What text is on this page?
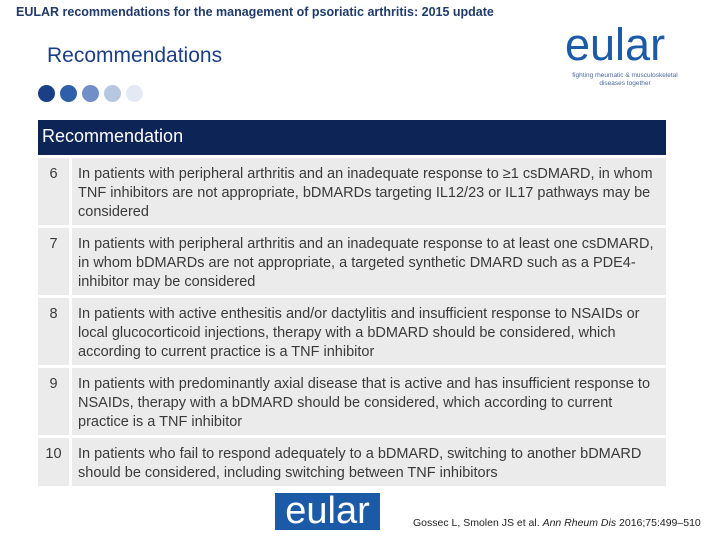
EULAR recommendations for the management of psoriatic arthritis: 2015 update
Recommendations	eular
fighting rheumatic & musculoskeletal diseases together
Recommendation	
6	In patients with peripheral arthritis and an inadequate response to ≥1 csDMARD, in whom TNF inhibitors are not appropriate, bDMARDs targeting IL12/23 or IL17 pathways may be considered
7	In patients with peripheral arthritis and an inadequate response to at least one csDMARD, in whom bDMARDs are not appropriate, a targeted synthetic DMARD such as a PDE4-inhibitor may be considered
8	In patients with active enthesitis and/or dactylitis and insufficient response to NSAIDs or local glucocorticoid injections, therapy with a bDMARD should be considered, which according to current practice is a TNF inhibitor
9	In patients with predominantly axial disease that is active and has insufficient response to NSAIDs, therapy with a bDMARD should be considered, which according to current practice is a TNF inhibitor
10	In patients who fail to respond adequately to a bDMARD, switching to another bDMARD should be considered, including switching between TNF inhibitors
eular	Gossec L, Smolen JS et al. Ann Rheum Dis 2016;75:499–510
